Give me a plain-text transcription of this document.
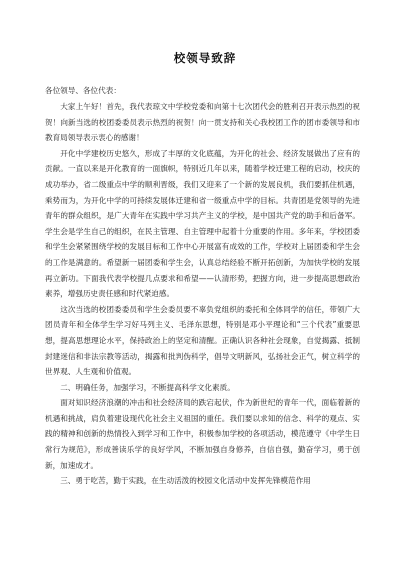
校领导致辞
各位领导、各位代表：

大家上午好！首先，我代表琼文中学校党委和向第十七次团代会的胜利召开表示热烈的祝贺！向新当选的校团委委员表示热烈的祝贺！向一贯支持和关心我校团工作的团市委领导和市教育局领导表示衷心的感谢！

开化中学建校历史悠久，形成了丰厚的文化底蕴，为开化的社会、经济发展做出了应有的贡献。一直以来是开化教育的一面旗帜，特别近几年以来，随着学校迁建工程的启动，校庆的成功举办，省二级重点中学的顺利晋级，我们又迎来了一个新的发展良机，我们要抓住机遇，乘势而为，为开化中学的可持续发展体迁建和省一级重点中学的目标。共青团是党领导的先进青年的群众组织，是广大青年在实践中学习共产主义的学校，是中国共产党的助手和后备军。学生会是学生自己的组织，在民主管理、自主管理中起着十分重要的作用。多年来，学校团委和学生会紧紧围绕学校的发展目标和工作中心开展富有成效的工作，学校对上届团委和学生会的工作是满意的。希望新一届团委和学生会，认真总结经验不断开拓创新，为加快学校的发展再立新功。下面我代表学校提几点要求和希望——认清形势，把握方向，进一步提高思想政治素养，增强历史责任感和时代紧迫感。

这次当选的校团委委员和学生会委员要不辜负党组织的委托和全体同学的信任，带领广大团员青年和全体学生学习好马列主义、毛泽东思想，特别是邓小平理论和“三个代表”重要思想，提高思想理论水平，保持政治上的坚定和清醒。正确认识各种社会现象，自觉揭露、抵制封建迷信和非法宗教等活动，揭露和批判伪科学，倡导文明新风，弘扬社会正气，树立科学的世界观、人生观和价值观。

二、明确任务，加强学习，不断提高科学文化素质。

面对知识经济浪潮的冲击和社会经济局的跌宕起伏，作为新世纪的青年一代，面临着新的机遇和挑战，肩负着建设现代化社会主义祖国的重任。我们要以求知的信念、科学的观点、实践的精神和创新的热情投入到学习和工作中，积极参加学校的各项活动，模范遵守《中学生日常行为规范》，形成善读乐学的良好学风，不断加强自身修养，自信自强，勤奋学习，勇于创新，加速成才。

三、勇于吃苦，勤于实践，在生动活泼的校园文化活动中发挥先锋模范作用
